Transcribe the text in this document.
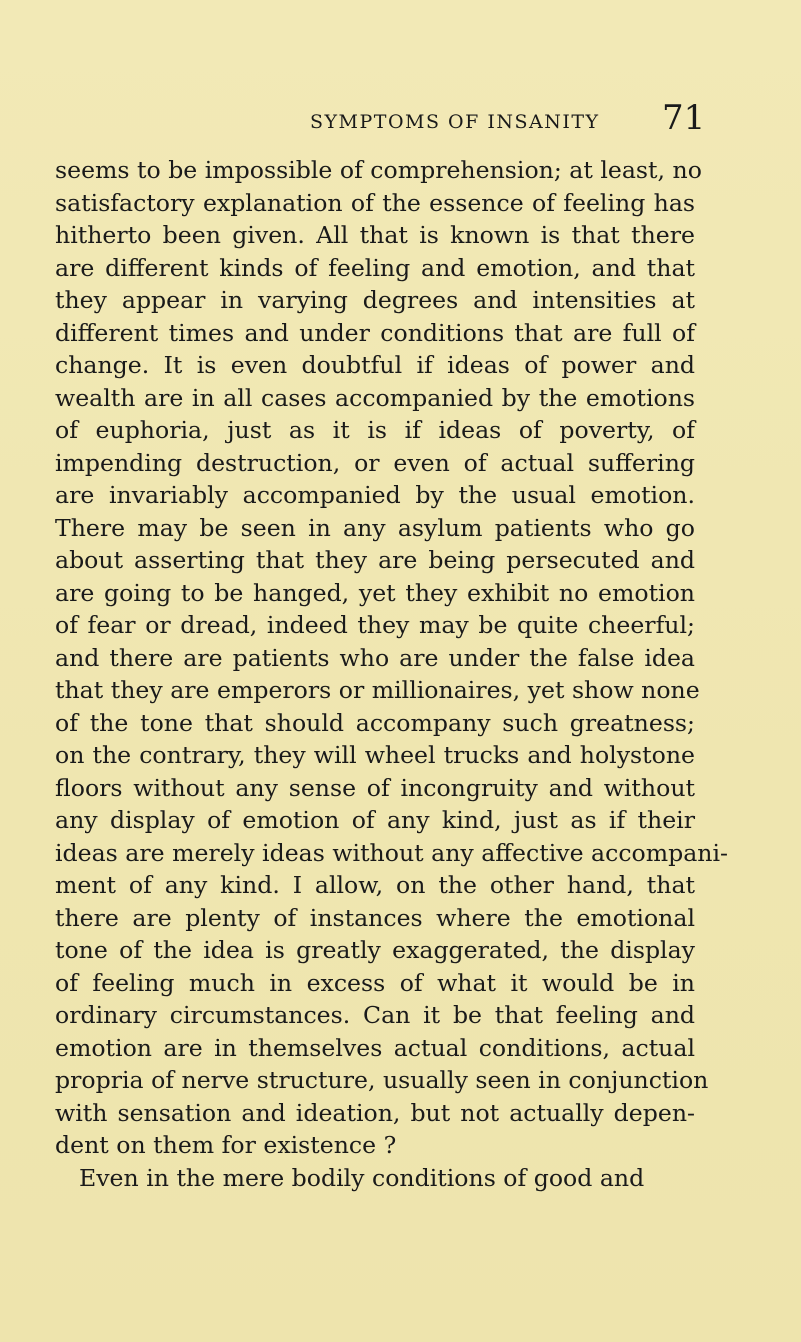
SYMPTOMS OF INSANITY 71
seems to be impossible of comprehension; at least, no
satisfactory explanation of the essence of feeling has
hitherto been given. All that is known is that there
are different kinds of feeling and emotion, and that
they appear in varying degrees and intensities at
different times and under conditions that are full of
change. It is even doubtful if ideas of power and
wealth are in all cases accompanied by the emotions
of euphoria, just as it is if ideas of poverty, of
impending destruction, or even of actual suffering
are invariably accompanied by the usual emotion.
There may be seen in any asylum patients who go
about asserting that they are being persecuted and
are going to be hanged, yet they exhibit no emotion
of fear or dread, indeed they may be quite cheerful;
and there are patients who are under the false idea
that they are emperors or millionaires, yet show none
of the tone that should accompany such greatness;
on the contrary, they will wheel trucks and holystone
floors without any sense of incongruity and without
any display of emotion of any kind, just as if their
ideas are merely ideas without any affective accompani-
ment of any kind. I allow, on the other hand, that
there are plenty of instances where the emotional
tone of the idea is greatly exaggerated, the display
of feeling much in excess of what it would be in
ordinary circumstances. Can it be that feeling and
emotion are in themselves actual conditions, actual
propria of nerve structure, usually seen in conjunction
with sensation and ideation, but not actually depen-
dent on them for existence ?
Even in the mere bodily conditions of good and
